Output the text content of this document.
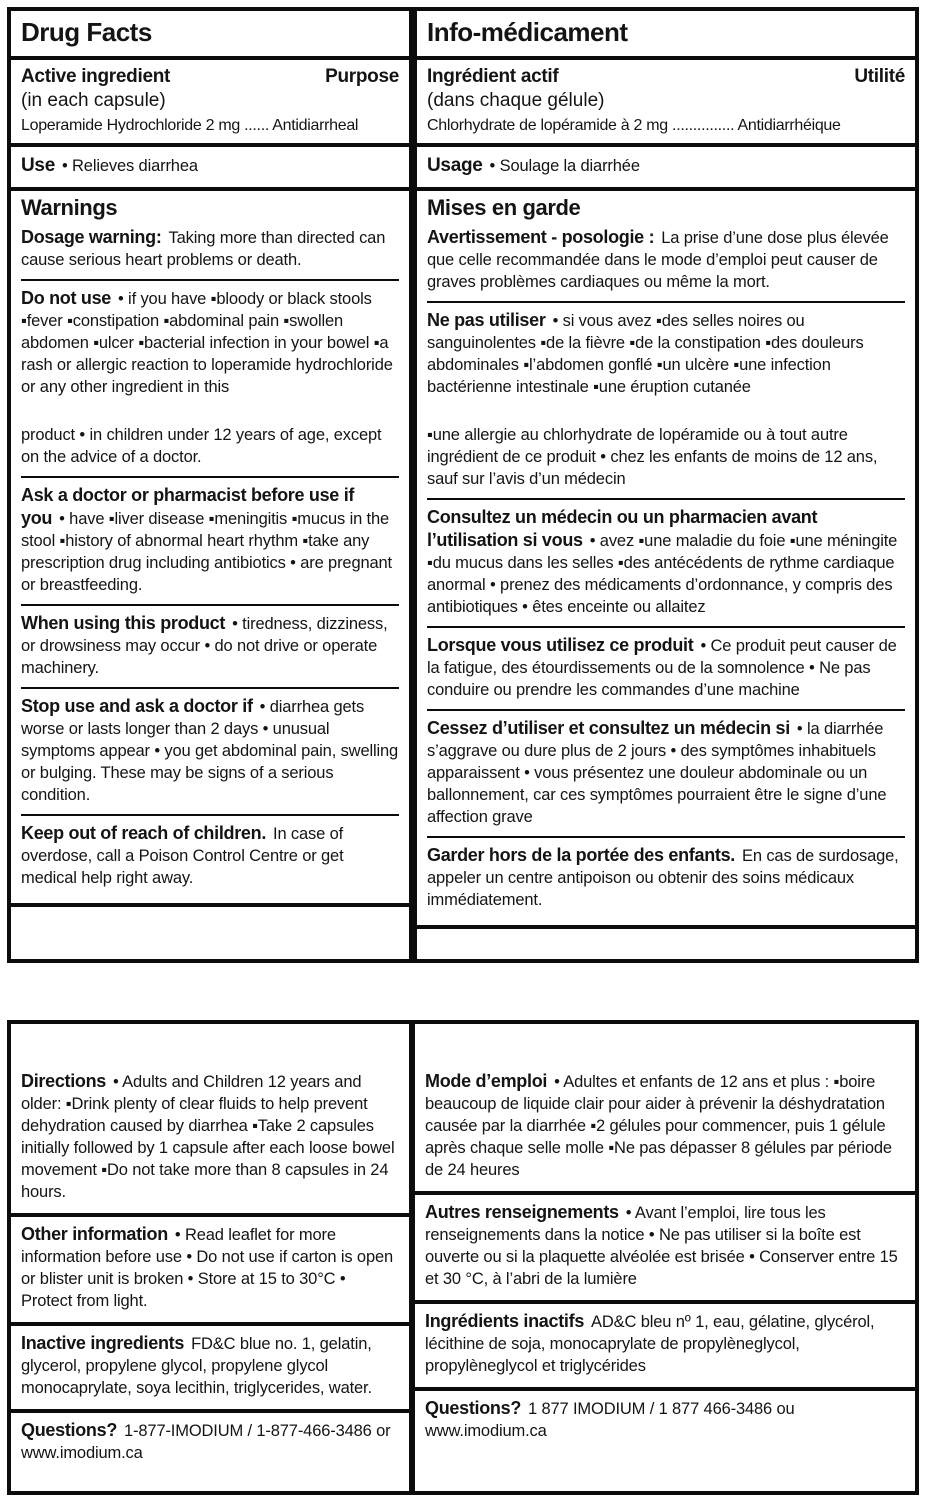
Drug Facts
Active ingredient	Purpose
(in each capsule)
Loperamide Hydrochloride 2 mg ...... Antidiarrheal
Use • Relieves diarrhea
Warnings
Dosage warning: Taking more than directed can cause serious heart problems or death.

Do not use • if you have ▪bloody or black stools ▪fever ▪constipation ▪abdominal pain ▪swollen abdomen ▪ulcer ▪bacterial infection in your bowel ▪a rash or allergic reaction to loperamide hydrochloride or any other ingredient in this

product • in children under 12 years of age, except on the advice of a doctor.

Ask a doctor or pharmacist before use if you • have ▪liver disease ▪meningitis ▪mucus in the stool ▪history of abnormal heart rhythm ▪take any prescription drug including antibiotics • are pregnant or breastfeeding.
When using this product • tiredness, dizziness, or drowsiness may occur • do not drive or operate machinery.
Stop use and ask a doctor if • diarrhea gets worse or lasts longer than 2 days • unusual symptoms appear • you get abdominal pain, swelling or bulging. These may be signs of a serious condition.
Keep out of reach of children. In case of overdose, call a Poison Control Centre or get medical help right away.
Info-médicament
Ingrédient actif	Utilité
(dans chaque gélule)
Chlorhydrate de lopéramide à 2 mg ............... Antidiarrhéique
Usage • Soulage la diarrhée
Mises en garde
Avertissement - posologie : La prise d’une dose plus élevée que celle recommandée dans le mode d’emploi peut causer de graves problèmes cardiaques ou même la mort.

Ne pas utiliser • si vous avez ▪des selles noires ou sanguinolentes ▪de la fièvre ▪de la constipation ▪des douleurs abdominales ▪l’abdomen gonflé ▪un ulcère ▪une infection bactérienne intestinale ▪une éruption cutanée

▪une allergie au chlorhydrate de lopéramide ou à tout autre ingrédient de ce produit • chez les enfants de moins de 12 ans, sauf sur l’avis d’un médecin

Consultez un médecin ou un pharmacien avant l’utilisation si vous • avez ▪une maladie du foie ▪une méningite ▪du mucus dans les selles ▪des antécédents de rythme cardiaque anormal • prenez des médicaments d’ordonnance, y compris des antibiotiques • êtes enceinte ou allaitez
Lorsque vous utilisez ce produit • Ce produit peut causer de la fatigue, des étourdissements ou de la somnolence • Ne pas conduire ou prendre les commandes d’une machine
Cessez d’utiliser et consultez un médecin si • la diarrhée s’aggrave ou dure plus de 2 jours • des symptômes inhabituels apparaissent • vous présentez une douleur abdominale ou un ballonnement, car ces symptômes pourraient être le signe d’une affection grave
Garder hors de la portée des enfants. En cas de surdosage, appeler un centre antipoison ou obtenir des soins médicaux immédiatement.
Directions • Adults and Children 12 years and older: ▪Drink plenty of clear fluids to help prevent dehydration caused by diarrhea ▪Take 2 capsules initially followed by 1 capsule after each loose bowel movement ▪Do not take more than 8 capsules in 24 hours.
Other information • Read leaflet for more information before use • Do not use if carton is open or blister unit is broken • Store at 15 to 30°C • Protect from light.
Inactive ingredients FD&C blue no. 1, gelatin, glycerol, propylene glycol, propylene glycol monocaprylate, soya lecithin, triglycerides, water.
Questions? 1-877-IMODIUM / 1-877-466-3486 or www.imodium.ca
Mode d’emploi • Adultes et enfants de 12 ans et plus : ▪boire beaucoup de liquide clair pour aider à prévenir la déshydratation causée par la diarrhée ▪2 gélules pour commencer, puis 1 gélule après chaque selle molle ▪Ne pas dépasser 8 gélules par période de 24 heures
Autres renseignements • Avant l’emploi, lire tous les renseignements dans la notice • Ne pas utiliser si la boîte est ouverte ou si la plaquette alvéolée est brisée • Conserver entre 15 et 30 °C, à l’abri de la lumière
Ingrédients inactifs AD&C bleu nº 1, eau, gélatine, glycérol, lécithine de soja, monocaprylate de propylèneglycol, propylèneglycol et triglycérides
Questions? 1 877 IMODIUM / 1 877 466-3486 ou www.imodium.ca
